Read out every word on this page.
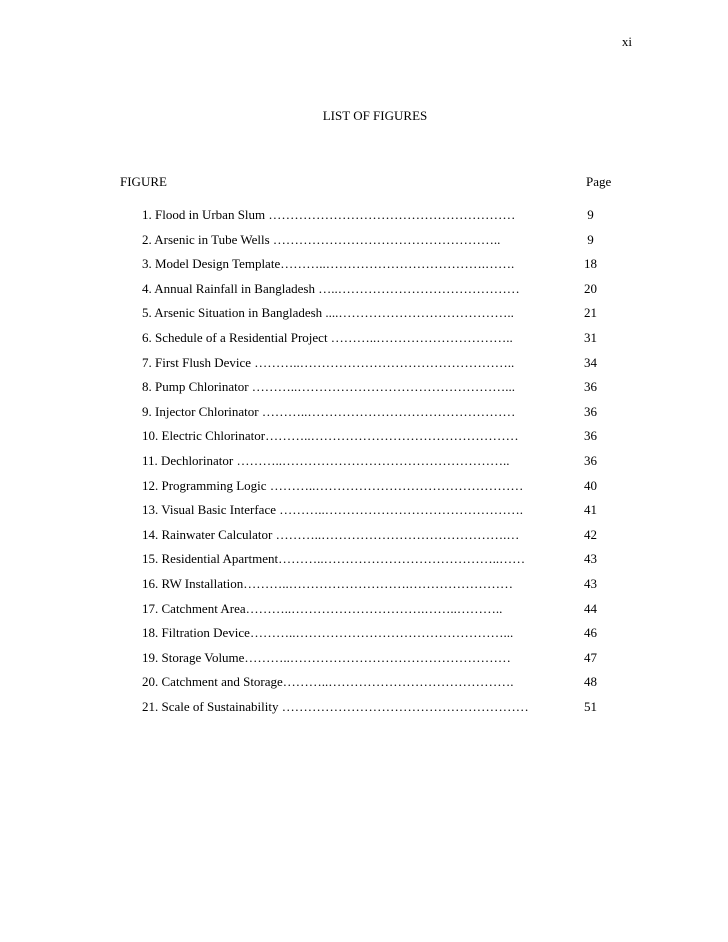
xi
LIST OF FIGURES
FIGURE	Page
1. Flood in Urban Slum …………………………………………………	9
2. Arsenic in Tube Wells ……………………………………………..	9
3. Model Design Template………..……………………………….…….	18
4. Annual Rainfall in Bangladesh …..……………………………………	20
5. Arsenic Situation in Bangladesh ....…………………………………..	21
6. Schedule of a Residential Project ………..…………………………..	31
7. First Flush Device ………..…………………………………………..	34
8. Pump Chlorinator ………..…………………………………………...	36
9. Injector Chlorinator ………..…………………………………………	36
10. Electric Chlorinator………..…………………………………………	36
11. Dechlorinator ………..……………………………………………..	36
12. Programming Logic ………..…………………………………………	40
13. Visual Basic Interface ………..……………………………………….	41
14. Rainwater Calculator ………..…………………………………….…	42
15. Residential Apartment………..…………………………………..……	43
16. RW Installation………..……………………….……………………	43
17. Catchment Area………..………………………….……..………..	44
18. Filtration Device………..…………………………………………...	46
19. Storage Volume………..……………………………………………	47
20. Catchment and Storage………..…………………………………….	48
21. Scale of Sustainability …………………………………………………	51
